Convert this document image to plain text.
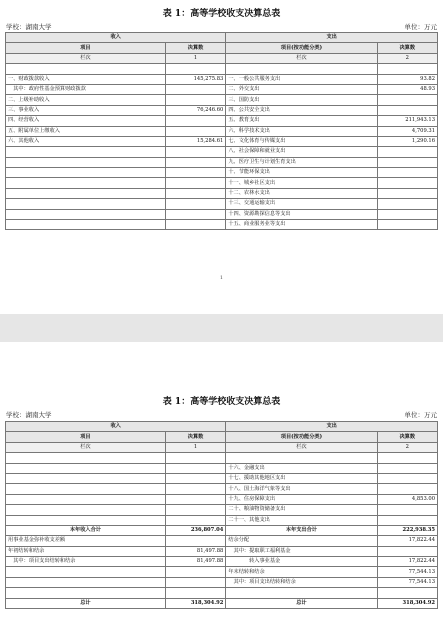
表 1：高等学校收支决算总表
学校：湖南大学	单位：万元
收入		支出	
项目	决算数	项目(按功能分类)	决算数
栏次	1	栏次	2

一、财政拨款收入	145,275.83	一、一般公共服务支出	93.82
　其中：政府性基金预算财政拨款		二、外交支出	48.93
二、上级补助收入		三、国防支出	
三、事业收入	76,246.60	四、公共安全支出	
四、经营收入		五、教育支出	211,943.13
五、附属单位上缴收入		六、科学技术支出	4,709.31
六、其他收入	15,284.61	七、文化体育与传媒支出	1,290.16
		八、社会保障和就业支出	
		九、医疗卫生与计划生育支出	
		十、节能环保支出	
		十一、城乡社区支出	
		十二、农林水支出	
		十三、交通运输支出	
		十四、资源勘探信息等支出	
		十五、商业服务业等支出	
1
表 1：高等学校收支决算总表
学校：湖南大学	单位：万元
收入		支出	
项目	决算数	项目(按功能分类)	决算数
栏次	1	栏次	2

		十六、金融支出	
		十七、援助其他地区支出	
		十八、国土海洋气象等支出	
		十九、住房保障支出	4,853.00
		二十、粮油物资储备支出	
		二十一、其他支出	
本年收入合计	236,807.04	本年支出合计	222,938.35
用事业基金弥补收支差额		结余分配	17,822.44
年初结转和结余	81,497.88	　其中：提取职工福利基金	
　其中：项目支出结转和结余	81,497.88	　　　　转入事业基金	17,822.44
		年末结转和结余	77,544.13
		　其中：项目支出结转和结余	77,544.13

总计	318,304.92	总计	318,304.92
